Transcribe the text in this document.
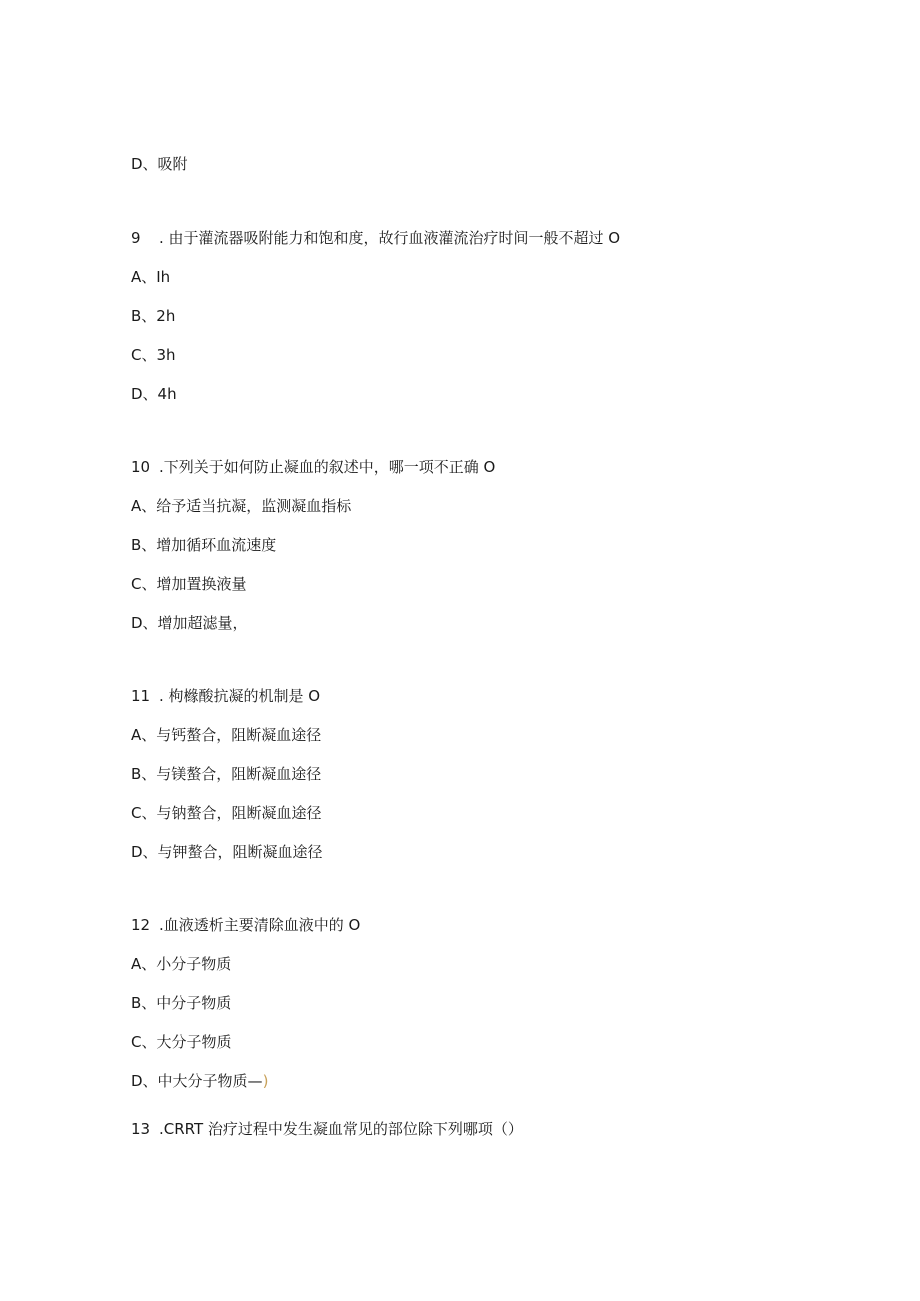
D、吸附
9 . 由于灌流器吸附能力和饱和度，故行血液灌流治疗时间一般不超过 O
A、Ih
B、2h
C、3h
D、4h
10 .下列关于如何防止凝血的叙述中，哪一项不正确 O
A、给予适当抗凝，监测凝血指标
B、增加循环血流速度
C、增加置换液量
D、增加超滤量，
11 . 枸橼酸抗凝的机制是 O
A、与钙螯合，阻断凝血途径
B、与镁螯合，阻断凝血途径
C、与钠螯合，阻断凝血途径
D、与钾螯合，阻断凝血途径
12 .血液透析主要清除血液中的 O
A、小分子物质
B、中分子物质
C、大分子物质
D、中大分子物质—)
13 .CRRT 治疗过程中发生凝血常见的部位除下列哪项（）
